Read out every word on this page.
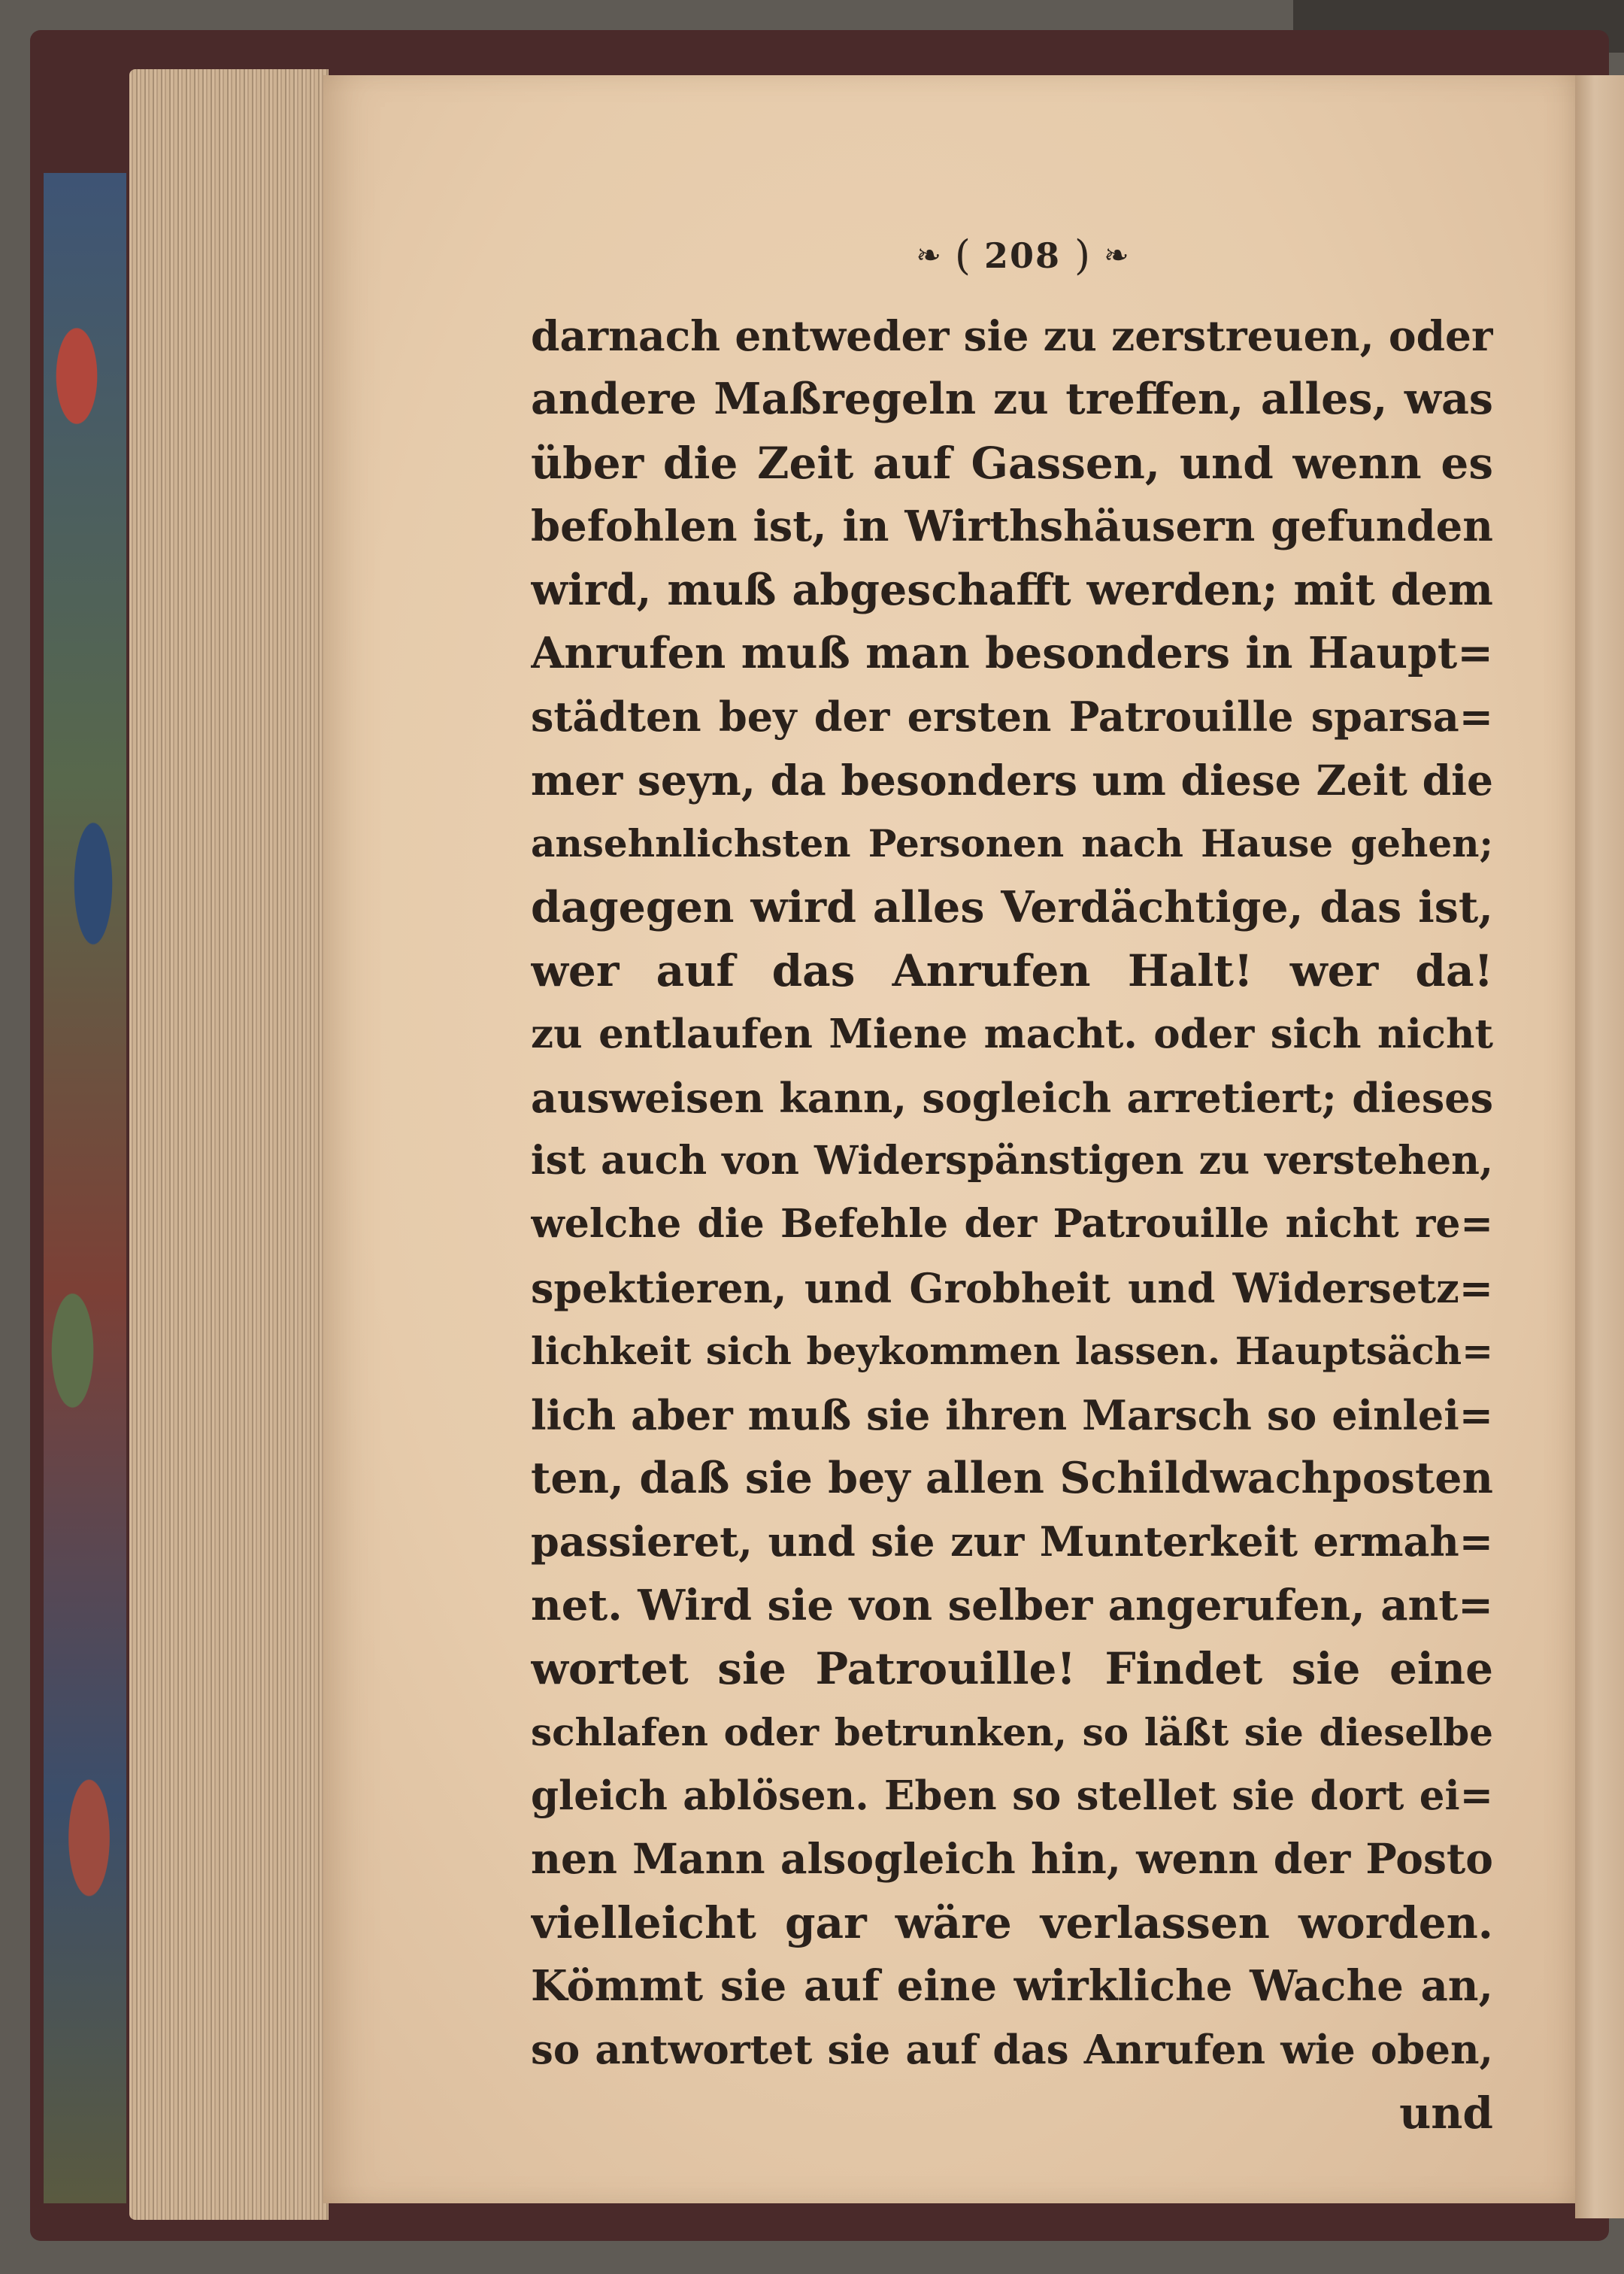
❧ ( 208 ) ❧
darnach entweder sie zu zerstreuen, oder
andere Maßregeln zu treffen, alles, was
über die Zeit auf Gassen, und wenn es
befohlen ist, in Wirthshäusern gefunden
wird, muß abgeschafft werden; mit dem
Anrufen muß man besonders in Haupt=
städten bey der ersten Patrouille sparsa=
mer seyn, da besonders um diese Zeit die
ansehnlichsten Personen nach Hause gehen;
dagegen wird alles Verdächtige, das ist,
wer auf das Anrufen Halt! wer da!
zu entlaufen Miene macht. oder sich nicht
ausweisen kann, sogleich arretiert; dieses
ist auch von Widerspänstigen zu verstehen,
welche die Befehle der Patrouille nicht re=
spektieren, und Grobheit und Widersetz=
lichkeit sich beykommen lassen. Hauptsäch=
lich aber muß sie ihren Marsch so einlei=
ten, daß sie bey allen Schildwachposten
passieret, und sie zur Munterkeit ermah=
net. Wird sie von selber angerufen, ant=
wortet sie Patrouille! Findet sie eine
schlafen oder betrunken, so läßt sie dieselbe
gleich ablösen. Eben so stellet sie dort ei=
nen Mann alsogleich hin, wenn der Posto
vielleicht gar wäre verlassen worden.
Kömmt sie auf eine wirkliche Wache an,
so antwortet sie auf das Anrufen wie oben,
und
